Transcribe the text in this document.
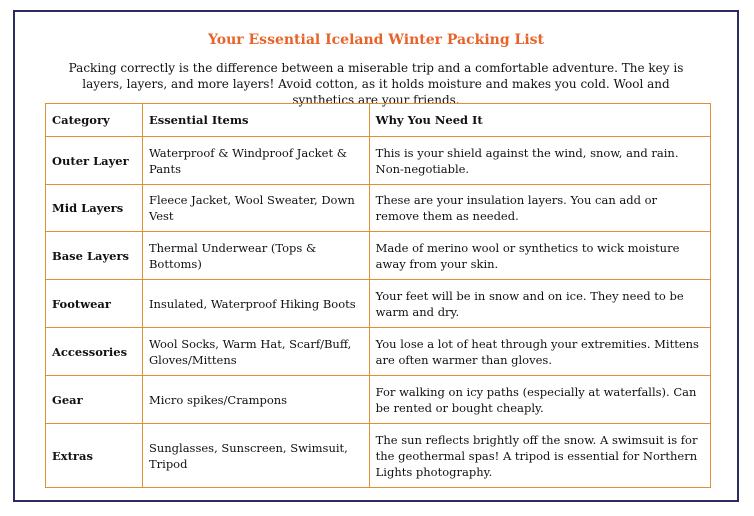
Your Essential Iceland Winter Packing List
Packing correctly is the difference between a miserable trip and a comfortable adventure. The key is layers, layers, and more layers! Avoid cotton, as it holds moisture and makes you cold. Wool and synthetics are your friends.
Category	Essential Items	Why You Need It
Outer Layer	Waterproof & Windproof Jacket & Pants	This is your shield against the wind, snow, and rain. Non-negotiable.
Mid Layers	Fleece Jacket, Wool Sweater, Down Vest	These are your insulation layers. You can add or remove them as needed.
Base Layers	Thermal Underwear (Tops & Bottoms)	Made of merino wool or synthetics to wick moisture away from your skin.
Footwear	Insulated, Waterproof Hiking Boots	Your feet will be in snow and on ice. They need to be warm and dry.
Accessories	Wool Socks, Warm Hat, Scarf/Buff, Gloves/Mittens	You lose a lot of heat through your extremities. Mittens are often warmer than gloves.
Gear	Micro spikes/Crampons	For walking on icy paths (especially at waterfalls). Can be rented or bought cheaply.
Extras	Sunglasses, Sunscreen, Swimsuit, Tripod	The sun reflects brightly off the snow. A swimsuit is for the geothermal spas! A tripod is essential for Northern Lights photography.
